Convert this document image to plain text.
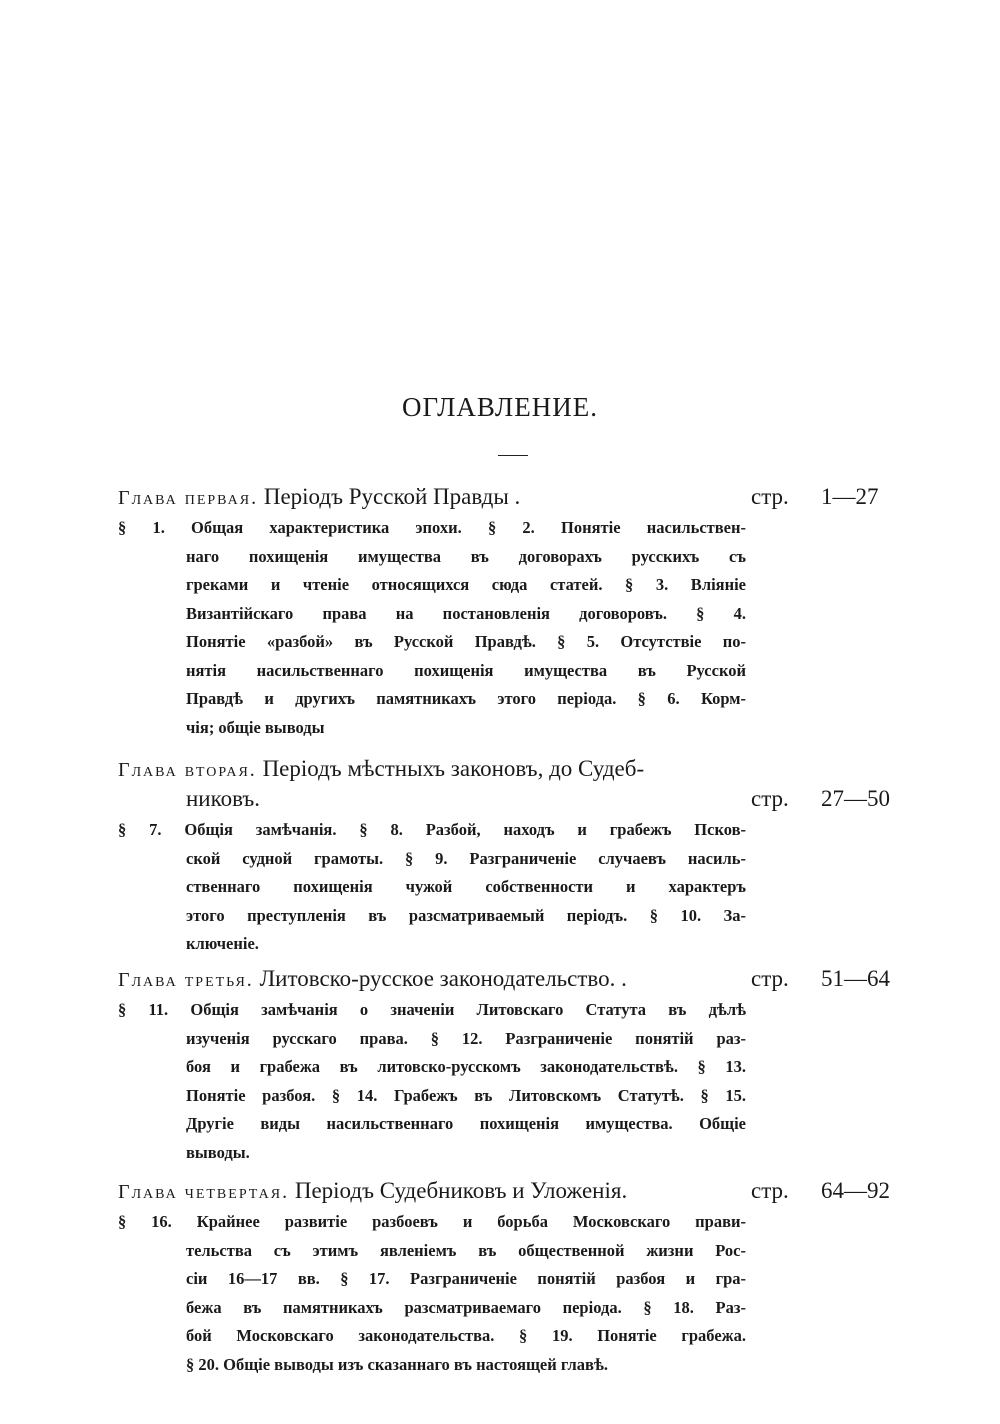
ОГЛАВЛЕНИЕ.
Глава первая. Періодъ Русской Правды .	стр. 1—27
§ 1. Общая характеристика эпохи. § 2. Понятіе насильствен-
наго похищенія имущества въ договорахъ русскихъ съ
греками и чтеніе относящихся сюда статей. § 3. Вліяніе
Византійскаго права на постановленія договоровъ. § 4.
Понятіе «разбой» въ Русской Правдѣ. § 5. Отсутствіе по-
нятія насильственнаго похищенія имущества въ Русской
Правдѣ и другихъ памятникахъ этого періода. § 6. Корм-
чія; общіе выводы
Глава вторая. Періодъ мѣстныхъ законовъ, до Судеб-
никовъ.	стр. 27—50
§ 7. Общія замѣчанія. § 8. Разбой, находъ и грабежъ Псков-
ской судной грамоты. § 9. Разграниченіе случаевъ насиль-
ственнаго похищенія чужой собственности и характеръ
этого преступленія въ разсматриваемый періодъ. § 10. За-
ключеніе.
Глава третья. Литовско-русское законодательство. .	стр. 51—64
§ 11. Общія замѣчанія о значеніи Литовскаго Статута въ дѣлѣ
изученія русскаго права. § 12. Разграниченіе понятій раз-
боя и грабежа въ литовско-русскомъ законодательствѣ. § 13.
Понятіе разбоя. § 14. Грабежъ въ Литовскомъ Статутѣ. § 15.
Другіе виды насильственнаго похищенія имущества. Общіе
выводы.
Глава четвертая. Періодъ Судебниковъ и Уложенія.	стр. 64—92
§ 16. Крайнее развитіе разбоевъ и борьба Московскаго прави-
тельства съ этимъ явленіемъ въ общественной жизни Рос-
сіи 16—17 вв. § 17. Разграниченіе понятій разбоя и гра-
бежа въ памятникахъ разсматриваемаго періода. § 18. Раз-
бой Московскаго законодательства. § 19. Понятіе грабежа.
§ 20. Общіе выводы изъ сказаннаго въ настоящей главѣ.
